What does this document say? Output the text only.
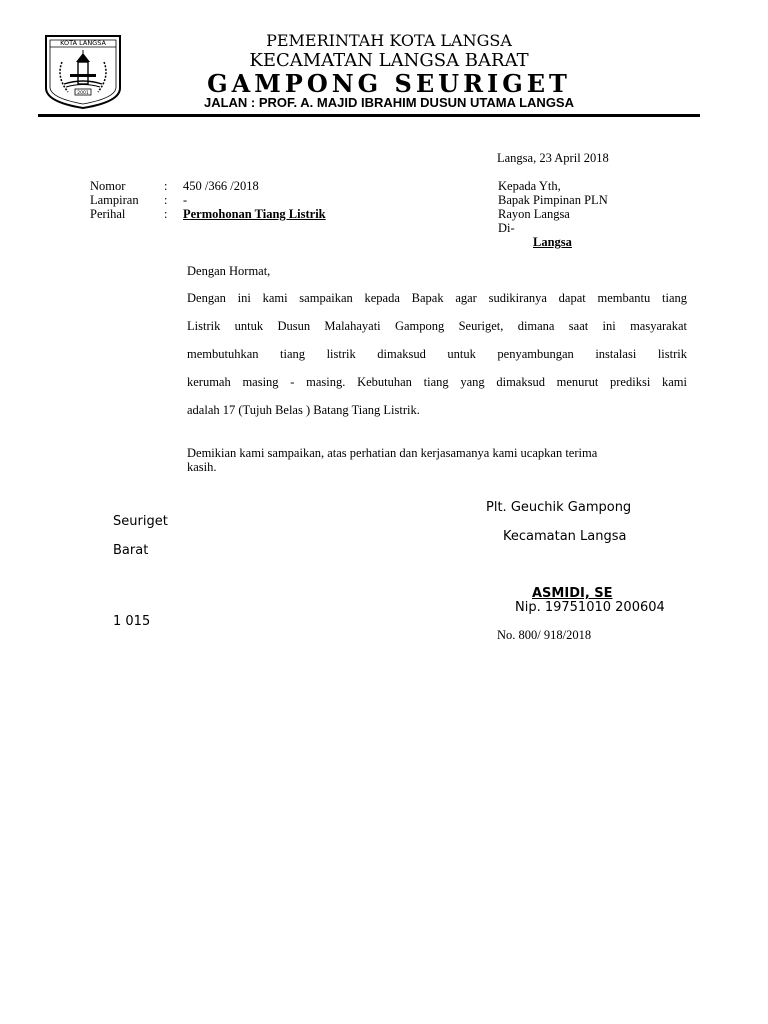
KOTA LANGSA
2001
PEMERINTAH KOTA LANGSA
KECAMATAN LANGSA BARAT
GAMPONG SEURIGET
JALAN : PROF. A. MAJID IBRAHIM DUSUN UTAMA LANGSA
Langsa, 23 April 2018
Nomor	: 450 /366 /2018
Lampiran : -
Perihal	: Permohonan Tiang Listrik
Kepada Yth,
Bapak Pimpinan PLN
Rayon Langsa
Di-
Langsa
Dengan Hormat,
Dengan ini kami sampaikan kepada Bapak agar sudikiranya dapat membantu tiang
Listrik untuk Dusun Malahayati Gampong Seuriget, dimana saat ini masyarakat
membutuhkan tiang listrik dimaksud untuk penyambungan instalasi listrik
kerumah masing - masing. Kebutuhan tiang yang dimaksud menurut prediksi kami
adalah 17 (Tujuh Belas ) Batang Tiang Listrik.
Demikian kami sampaikan, atas perhatian dan kerjasamanya kami ucapkan terima
kasih.
Plt. Geuchik Gampong
Kecamatan Langsa
ASMIDI, SE
Nip. 19751010 200604
No. 800/ 918/2018
Seuriget
Barat
1 015
